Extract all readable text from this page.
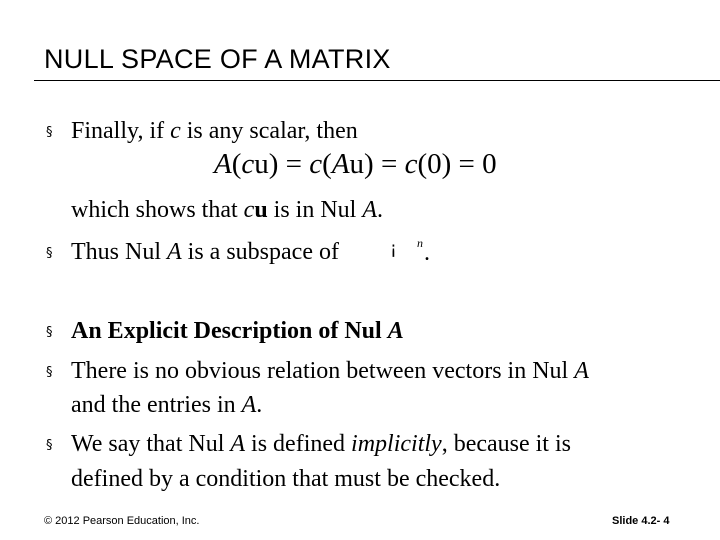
NULL SPACE OF A MATRIX
§ Finally, if c is any scalar, then
A(cu) = c(Au) = c(0) = 0
which shows that cu is in Nul A.
§ Thus Nul A is a subspace of	¡ n .
§ An Explicit Description of Nul A
§ There is no obvious relation between vectors in Nul A
and the entries in A.
§ We say that Nul A is defined implicitly, because it is
defined by a condition that must be checked.
© 2012 Pearson Education, Inc.	Slide 4.2- 4
